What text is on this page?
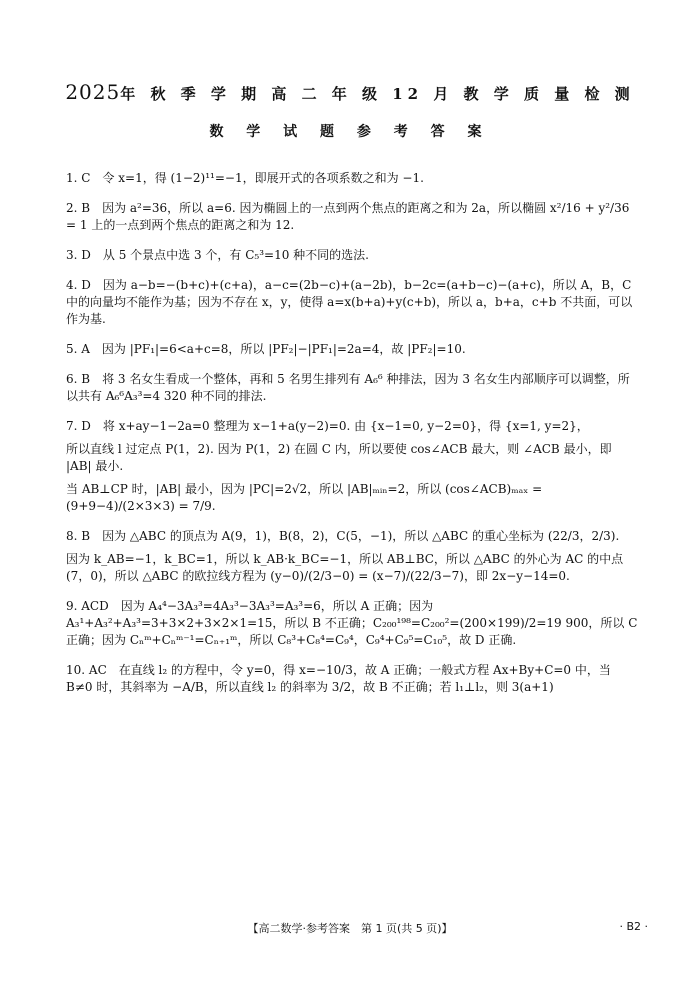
2025年 秋 季 学 期 高 二 年 级 12 月 教 学 质 量 检 测
数 学 试 题 参 考 答 案

1. C　令 x=1，得 (1−2)¹¹=−1，即展开式的各项系数之和为 −1.

2. B　因为 a²=36，所以 a=6. 因为椭圆上的一点到两个焦点的距离之和为 2a，所以椭圆 x²/16 + y²/36 = 1 上的一点到两个焦点的距离之和为 12.

3. D　从 5 个景点中选 3 个，有 C₅³=10 种不同的选法.

4. D　因为 a−b=−(b+c)+(c+a)，a−c=(2b−c)+(a−2b)，b−2c=(a+b−c)−(a+c)，所以 A，B，C 中的向量均不能作为基；因为不存在 x，y，使得 a=x(b+a)+y(c+b)，所以 a，b+a，c+b 不共面，可以作为基.

5. A　因为 |PF₁|=6<a+c=8，所以 |PF₂|−|PF₁|=2a=4，故 |PF₂|=10.

6. B　将 3 名女生看成一个整体，再和 5 名男生排列有 A₆⁶ 种排法，因为 3 名女生内部顺序可以调整，所以共有 A₆⁶A₃³=4 320 种不同的排法.

7. D　将 x+ay−1−2a=0 整理为 x−1+a(y−2)=0. 由 {x−1=0, y−2=0}，得 {x=1, y=2}，

所以直线 l 过定点 P(1，2). 因为 P(1，2) 在圆 C 内，所以要使 cos∠ACB 最大，则 ∠ACB 最小，即 |AB| 最小.

当 AB⊥CP 时，|AB| 最小，因为 |PC|=2√2，所以 |AB|ₘᵢₙ=2，所以 (cos∠ACB)ₘₐₓ = (9+9−4)/(2×3×3) = 7/9.

8. B　因为 △ABC 的顶点为 A(9，1)，B(8，2)，C(5，−1)，所以 △ABC 的重心坐标为 (22/3，2/3).

因为 k_AB=−1，k_BC=1，所以 k_AB·k_BC=−1，所以 AB⊥BC，所以 △ABC 的外心为 AC 的中点 (7，0)，所以 △ABC 的欧拉线方程为 (y−0)/(2/3−0) = (x−7)/(22/3−7)，即 2x−y−14=0.

9. ACD　因为 A₄⁴−3A₃³=4A₃³−3A₃³=A₃³=6，所以 A 正确；因为 A₃¹+A₃²+A₃³=3+3×2+3×2×1=15，所以 B 不正确；C₂₀₀¹⁹⁸=C₂₀₀²=(200×199)/2=19 900，所以 C 正确；因为 Cₙᵐ+Cₙᵐ⁻¹=Cₙ₊₁ᵐ，所以 C₈³+C₈⁴=C₉⁴，C₉⁴+C₉⁵=C₁₀⁵，故 D 正确.

10. AC　在直线 l₂ 的方程中，令 y=0，得 x=−10/3，故 A 正确；一般式方程 Ax+By+C=0 中，当 B≠0 时，其斜率为 −A/B，所以直线 l₂ 的斜率为 3/2，故 B 不正确；若 l₁⊥l₂，则 3(a+1)

【高二数学·参考答案　第 1 页(共 5 页)】	· B2 ·
